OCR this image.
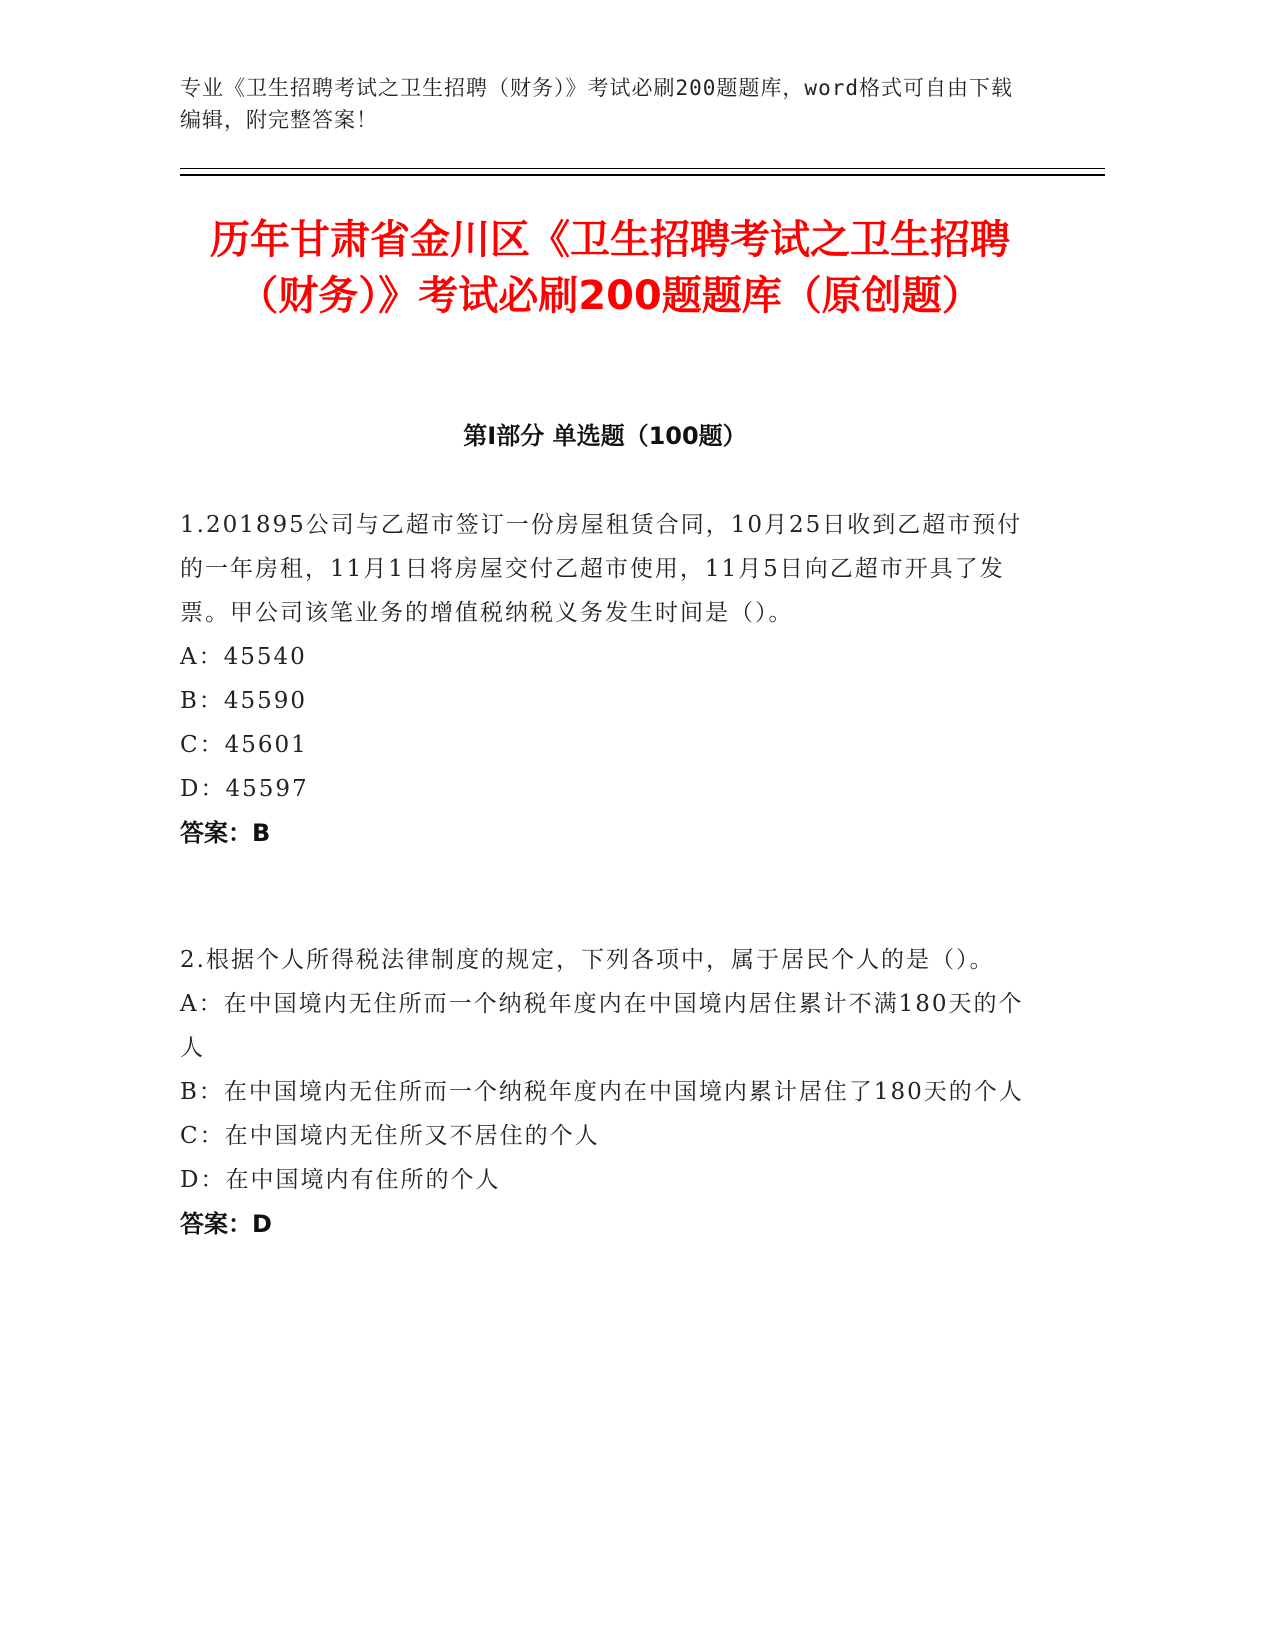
专业《卫生招聘考试之卫生招聘（财务）》考试必刷200题题库，word格式可自由下载编辑，附完整答案！
历年甘肃省金川区《卫生招聘考试之卫生招聘（财务）》考试必刷200题题库（原创题）
第Ⅰ部分 单选题（100题）
1.201895公司与乙超市签订一份房屋租赁合同，10月25日收到乙超市预付的一年房租，11月1日将房屋交付乙超市使用，11月5日向乙超市开具了发票。甲公司该笔业务的增值税纳税义务发生时间是（）。
A：45540
B：45590
C：45601
D：45597
答案：B
2.根据个人所得税法律制度的规定，下列各项中，属于居民个人的是（）。
A：在中国境内无住所而一个纳税年度内在中国境内居住累计不满180天的个人
B：在中国境内无住所而一个纳税年度内在中国境内累计居住了180天的个人
C：在中国境内无住所又不居住的个人
D：在中国境内有住所的个人
答案：D
